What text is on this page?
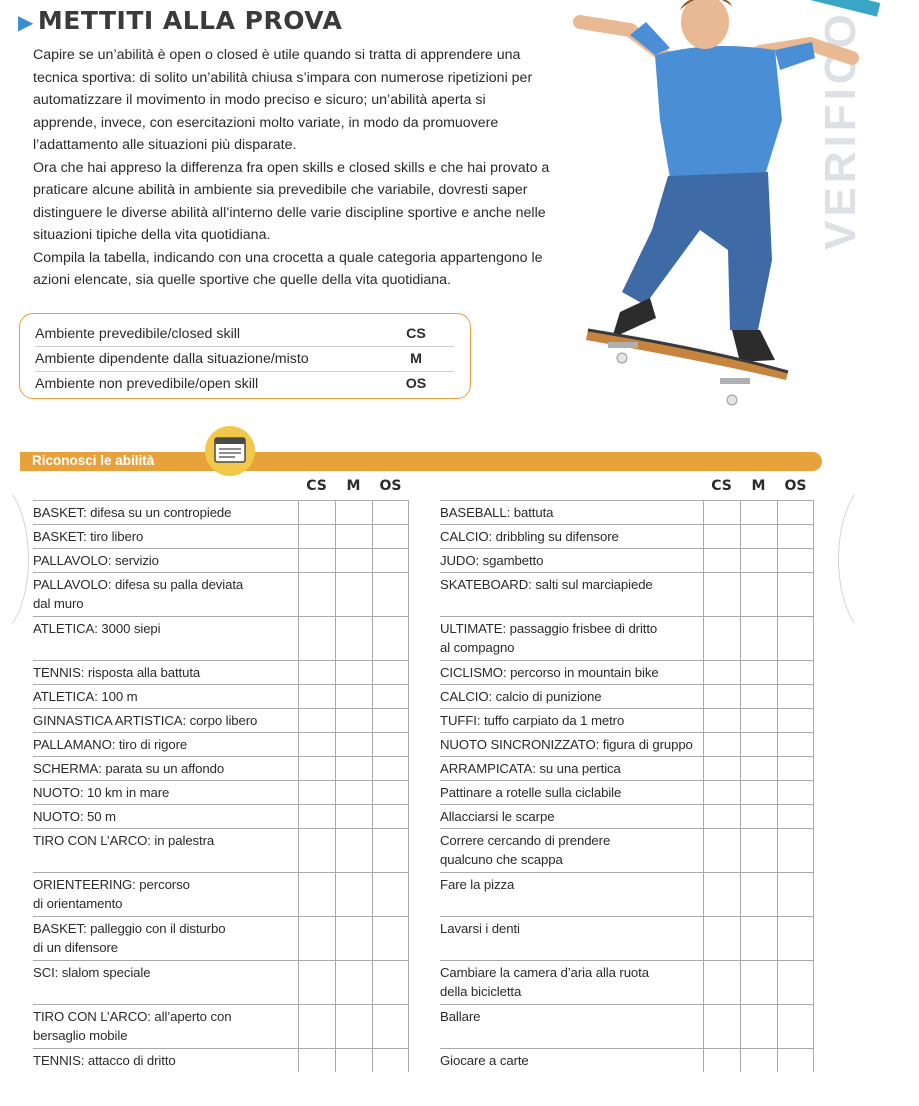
▶ METTITI ALLA PROVA

Capire se un’abilità è open o closed è utile quando si tratta di apprendere una tecnica sportiva: di solito un’abilità chiusa s’impara con numerose ripetizioni per automatizzare il movimento in modo preciso e sicuro; un’abilità aperta si apprende, invece, con esercitazioni molto variate, in modo da promuovere l’adattamento alle situazioni più disparate.

Ora che hai appreso la differenza fra open skills e closed skills e che hai provato a praticare alcune abilità in ambiente sia prevedibile che variabile, dovresti saper distinguere le diverse abilità all’interno delle varie discipline sportive e anche nelle situazioni tipiche della vita quotidiana.

Compila la tabella, indicando con una crocetta a quale categoria appartengono le azioni elencate, sia quelle sportive che quelle della vita quotidiana.

VERIFICO
Ambiente prevedibile/closed skill	CS
Ambiente dipendente dalla situazione/misto	M
Ambiente non prevedibile/open skill	OS
Riconosci le abilità
CS	M	OS
BASKET: difesa su un contropiede
BASKET: tiro libero
PALLAVOLO: servizio
PALLAVOLO: difesa su palla deviata
dal muro
ATLETICA: 3000 siepi
TENNIS: risposta alla battuta
ATLETICA: 100 m
GINNASTICA ARTISTICA: corpo libero
PALLAMANO: tiro di rigore
SCHERMA: parata su un affondo
NUOTO: 10 km in mare
NUOTO: 50 m
TIRO CON L’ARCO: in palestra
ORIENTEERING: percorso
di orientamento
BASKET: palleggio con il disturbo
di un difensore
SCI: slalom speciale
TIRO CON L’ARCO: all’aperto con
bersaglio mobile
TENNIS: attacco di dritto
CS	M	OS
BASEBALL: battuta
CALCIO: dribbling su difensore
JUDO: sgambetto
SKATEBOARD: salti sul marciapiede
ULTIMATE: passaggio frisbee di dritto
al compagno
CICLISMO: percorso in mountain bike
CALCIO: calcio di punizione
TUFFI: tuffo carpiato da 1 metro
NUOTO SINCRONIZZATO: figura di gruppo
ARRAMPICATA: su una pertica
Pattinare a rotelle sulla ciclabile
Allacciarsi le scarpe
Correre cercando di prendere
qualcuno che scappa
Fare la pizza
Lavarsi i denti
Cambiare la camera d’aria alla ruota
della bicicletta
Ballare
Giocare a carte
